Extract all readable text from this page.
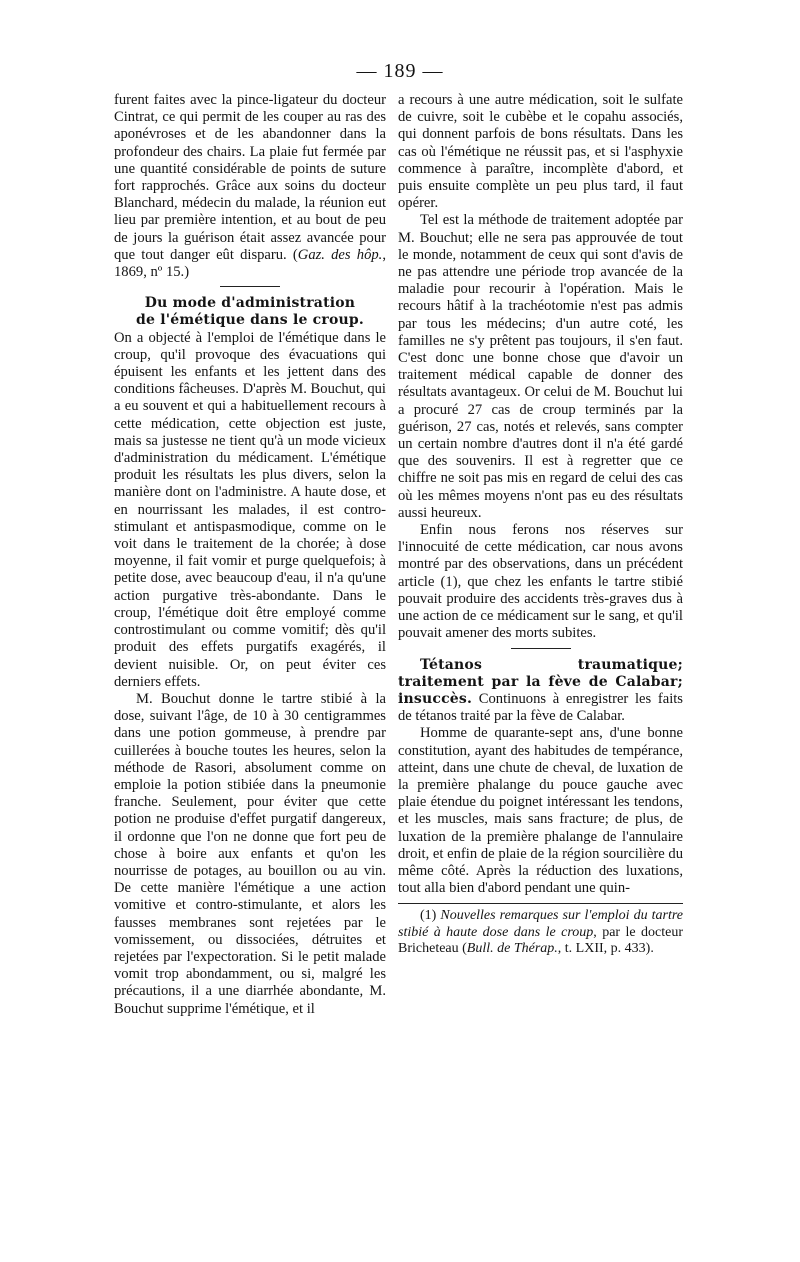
— 189 —

furent faites avec la pince-ligateur du docteur Cintrat, ce qui permit de les couper au ras des aponévroses et de les abandonner dans la profondeur des chairs. La plaie fut fermée par une quantité considérable de points de suture fort rapprochés. Grâce aux soins du docteur Blanchard, médecin du malade, la réunion eut lieu par première intention, et au bout de peu de jours la guérison était assez avancée pour que tout danger eût disparu. (Gaz. des hôp., 1869, nº 15.)

Du mode d'administration
de l'émétique dans le croup.

On a objecté à l'emploi de l'émétique dans le croup, qu'il provoque des évacuations qui épuisent les enfants et les jettent dans des conditions fâcheuses. D'après M. Bouchut, qui a eu souvent et qui a habituellement recours à cette médication, cette objection est juste, mais sa justesse ne tient qu'à un mode vicieux d'administration du médicament. L'émétique produit les résultats les plus divers, selon la manière dont on l'administre. A haute dose, et en nourrissant les malades, il est contro-stimulant et antispasmodique, comme on le voit dans le traitement de la chorée; à dose moyenne, il fait vomir et purge quelquefois; à petite dose, avec beaucoup d'eau, il n'a qu'une action purgative très-abondante. Dans le croup, l'émétique doit être employé comme controstimulant ou comme vomitif; dès qu'il produit des effets purgatifs exagérés, il devient nuisible. Or, on peut éviter ces derniers effets.

M. Bouchut donne le tartre stibié à la dose, suivant l'âge, de 10 à 30 centigrammes dans une potion gommeuse, à prendre par cuillerées à bouche toutes les heures, selon la méthode de Rasori, absolument comme on emploie la potion stibiée dans la pneumonie franche. Seulement, pour éviter que cette potion ne produise d'effet purgatif dangereux, il ordonne que l'on ne donne que fort peu de chose à boire aux enfants et qu'on les nourrisse de potages, au bouillon ou au vin. De cette manière l'émétique a une action vomitive et contro-stimulante, et alors les fausses membranes sont rejetées par le vomissement, ou dissociées, détruites et rejetées par l'expectoration. Si le petit malade vomit trop abondamment, ou si, malgré les précautions, il a une diarrhée abondante, M. Bouchut supprime l'émétique, et il

a recours à une autre médication, soit le sulfate de cuivre, soit le cubèbe et le copahu associés, qui donnent parfois de bons résultats. Dans les cas où l'émétique ne réussit pas, et si l'asphyxie commence à paraître, incomplète d'abord, et puis ensuite complète un peu plus tard, il faut opérer.

Tel est la méthode de traitement adoptée par M. Bouchut; elle ne sera pas approuvée de tout le monde, notamment de ceux qui sont d'avis de ne pas attendre une période trop avancée de la maladie pour recourir à l'opération. Mais le recours hâtif à la trachéotomie n'est pas admis par tous les médecins; d'un autre coté, les familles ne s'y prêtent pas toujours, il s'en faut. C'est donc une bonne chose que d'avoir un traitement médical capable de donner des résultats avantageux. Or celui de M. Bouchut lui a procuré 27 cas de croup terminés par la guérison, 27 cas, notés et relevés, sans compter un certain nombre d'autres dont il n'a été gardé que des souvenirs. Il est à regretter que ce chiffre ne soit pas mis en regard de celui des cas où les mêmes moyens n'ont pas eu des résultats aussi heureux.

Enfin nous ferons nos réserves sur l'innocuité de cette médication, car nous avons montré par des observations, dans un précédent article (1), que chez les enfants le tartre stibié pouvait produire des accidents très-graves dus à une action de ce médicament sur le sang, et qu'il pouvait amener des morts subites.

Tétanos traumatique; traitement par la fève de Calabar; insuccès. Continuons à enregistrer les faits de tétanos traité par la fève de Calabar.

Homme de quarante-sept ans, d'une bonne constitution, ayant des habitudes de tempérance, atteint, dans une chute de cheval, de luxation de la première phalange du pouce gauche avec plaie étendue du poignet intéressant les tendons, et les muscles, mais sans fracture; de plus, de luxation de la première phalange de l'annulaire droit, et enfin de plaie de la région sourcilière du même côté. Après la réduction des luxations, tout alla bien d'abord pendant une quin-

(1) Nouvelles remarques sur l'emploi du tartre stibié à haute dose dans le croup, par le docteur Bricheteau (Bull. de Thérap., t. LXII, p. 433).
